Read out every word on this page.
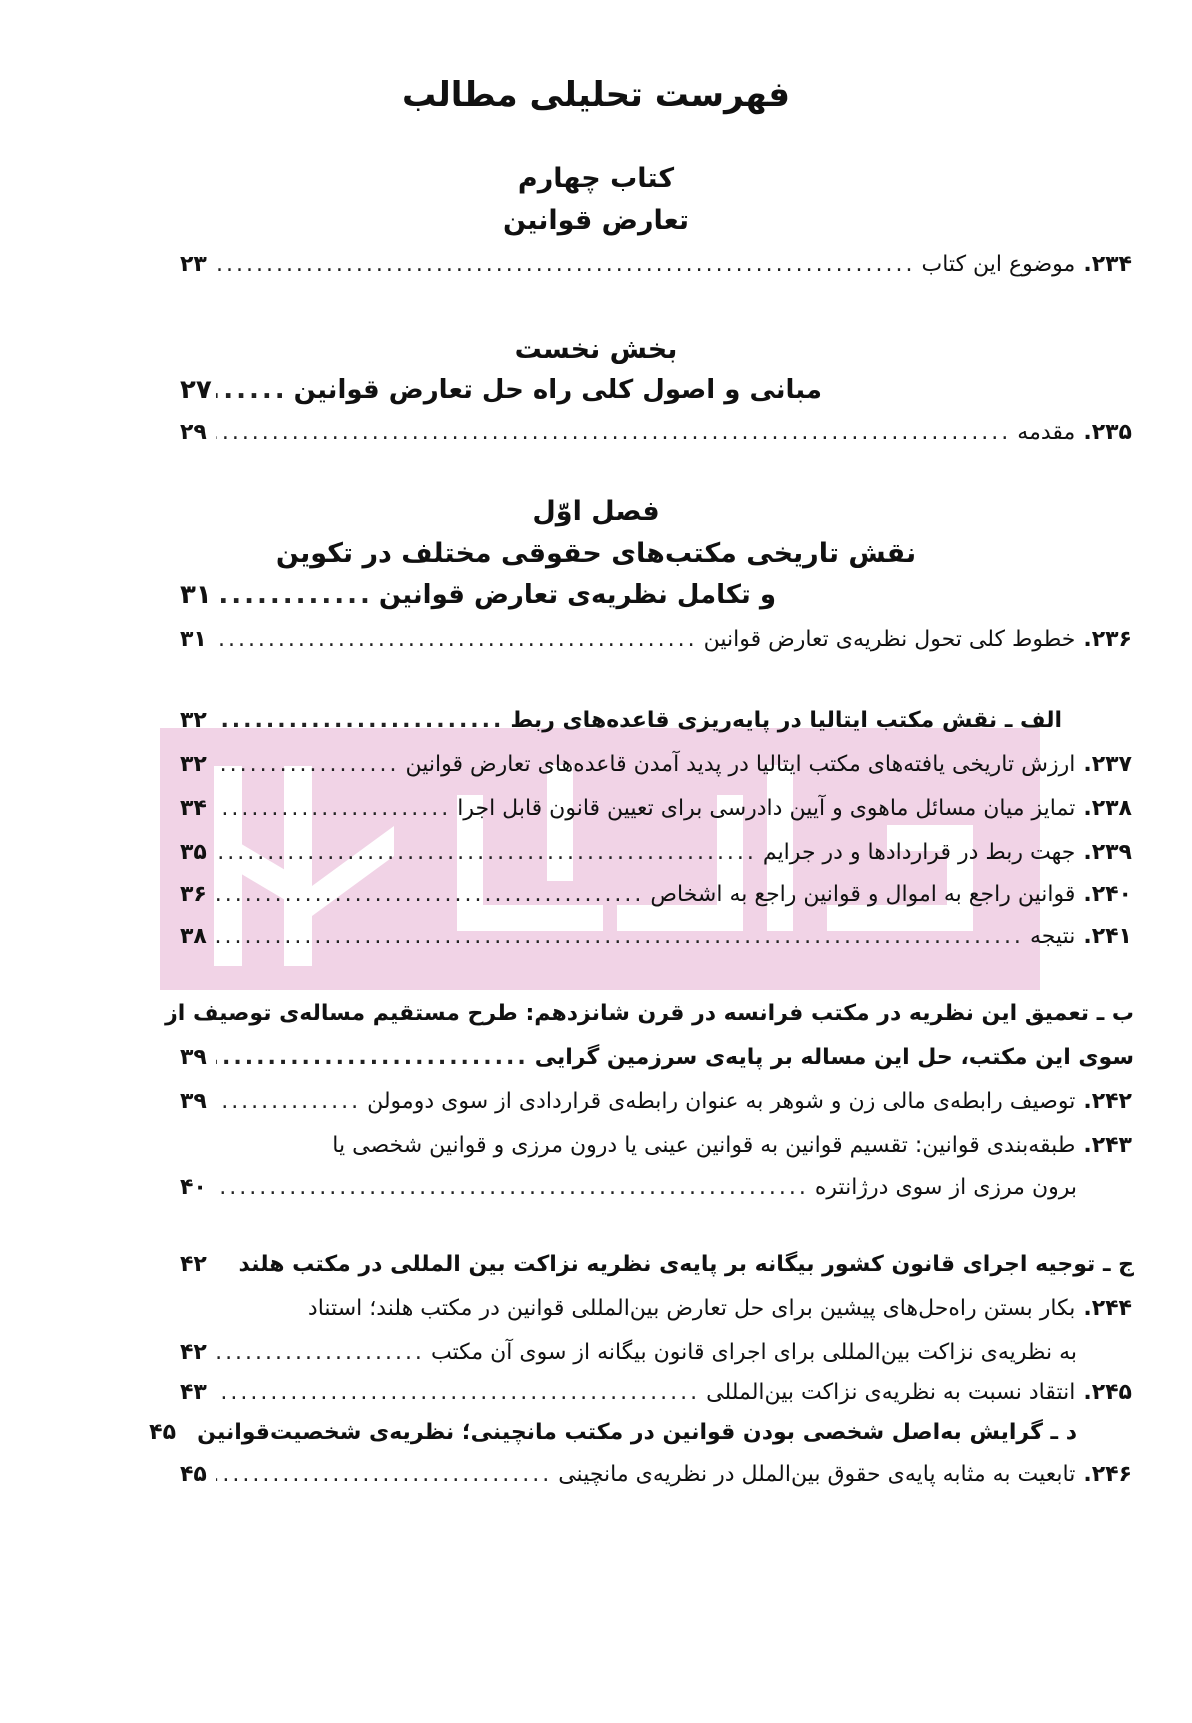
فهرست تحلیلی مطالب
کتاب چهارم
تعارض قوانین
۲۳۴.
موضوع این کتاب
.....
۲۳
بخش نخست
مبانی و اصول کلی راه حل تعارض قوانین
.....
۲۷
۲۳۵.
مقدمه
.....
۲۹
فصل اوّل
نقش تاریخی مکتب‌های حقوقی مختلف در تکوین
و تکامل نظریه‌ی تعارض قوانین
.....
۳۱
۲۳۶.
خطوط کلی تحول نظریه‌ی تعارض قوانین
.....
۳۱
الف ـ نقش مکتب ایتالیا در پایه‌ریزی قاعده‌های ربط
.....
۳۲
۲۳۷.
ارزش تاریخی یافته‌های مکتب ایتالیا در پدید آمدن قاعده‌های تعارض قوانین
.....
۳۲
۲۳۸.
تمایز میان مسائل ماهوی و آیین دادرسی برای تعیین قانون قابل اجرا
.....
۳۴
۲۳۹.
جهت ربط در قراردادها و در جرایم
.....
۳۵
۲۴۰.
قوانین راجع به اموال و قوانین راجع به اشخاص
.....
۳۶
۲۴۱.
نتیجه
.....
۳۸
ب ـ تعمیق این نظریه در مکتب فرانسه در قرن شانزدهم: طرح مستقیم مساله‌ی توصیف از
سوی این مکتب، حل این مساله بر پایه‌ی سرزمین گرایی
.....
۳۹
۲۴۲.
توصیف رابطه‌ی مالی زن و شوهر به عنوان رابطه‌ی قراردادی از سوی دومولن
.....
۳۹
۲۴۳.طبقه‌بندی قوانین: تقسیم قوانین به قوانین عینی یا درون مرزی و قوانین شخصی یا
برون مرزی از سوی درژانتره
.....
۴۰
ج ـ توجیه اجرای قانون کشور بیگانه بر پایه‌ی نظریه نزاکت بین المللی در مکتب هلند
۴۲
۲۴۴.بکار بستن راه‌حل‌های پیشین برای حل تعارض بین‌المللی قوانین در مکتب هلند؛ استناد
به نظریه‌ی نزاکت بین‌المللی برای اجرای قانون بیگانه از سوی آن مکتب
.....
۴۲
۲۴۵.
انتقاد نسبت به نظریه‌ی نزاکت بین‌المللی
.....
۴۳
د ـ گرایش به‌اصل شخصی بودن قوانین در مکتب مانچینی؛ نظریه‌ی شخصیت‌قوانین
۴۵
۲۴۶.
تابعیت به مثابه پایه‌ی حقوق بین‌الملل در نظریه‌ی مانچینی
.....
۴۵
